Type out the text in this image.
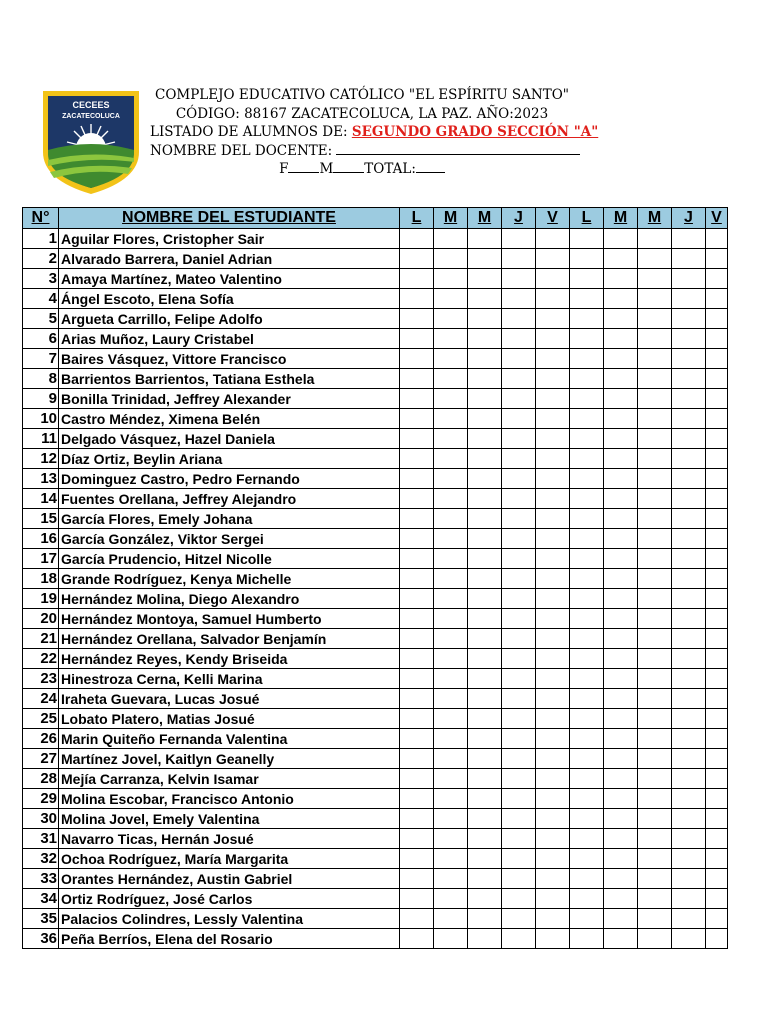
CECEES
ZACATECOLUCA
COMPLEJO EDUCATIVO CATÓLICO "EL ESPÍRITU SANTO"
CÓDIGO: 88167 ZACATECOLUCA, LA PAZ. AÑO:2023
LISTADO DE ALUMNOS DE: SEGUNDO GRADO SECCIÓN "A"
NOMBRE DEL DOCENTE:
F M TOTAL:
N°	NOMBRE DEL ESTUDIANTE	L	M	M	J	V	L	M	M	J	V
1	Aguilar Flores, Cristopher Sair										
2	Alvarado Barrera, Daniel Adrian										
3	Amaya Martínez, Mateo Valentino										
4	Ángel Escoto, Elena Sofía										
5	Argueta Carrillo, Felipe Adolfo										
6	Arias Muñoz, Laury Cristabel										
7	Baires Vásquez, Vittore Francisco										
8	Barrientos Barrientos, Tatiana Esthela										
9	Bonilla Trinidad, Jeffrey Alexander										
10	Castro Méndez, Ximena Belén										
11	Delgado Vásquez, Hazel Daniela										
12	Díaz Ortiz, Beylin Ariana										
13	Dominguez Castro, Pedro Fernando										
14	Fuentes Orellana, Jeffrey Alejandro										
15	García Flores, Emely Johana										
16	García González, Viktor Sergei										
17	García Prudencio, Hitzel Nicolle										
18	Grande Rodríguez, Kenya Michelle										
19	Hernández Molina, Diego Alexandro										
20	Hernández Montoya, Samuel Humberto										
21	Hernández Orellana, Salvador Benjamín										
22	Hernández Reyes, Kendy Briseida										
23	Hinestroza Cerna, Kelli Marina										
24	Iraheta Guevara, Lucas Josué										
25	Lobato Platero, Matias Josué										
26	Marin Quiteño Fernanda Valentina										
27	Martínez Jovel, Kaitlyn Geanelly										
28	Mejía Carranza, Kelvin Isamar										
29	Molina Escobar, Francisco Antonio										
30	Molina Jovel, Emely Valentina										
31	Navarro Ticas, Hernán Josué										
32	Ochoa Rodríguez, María Margarita										
33	Orantes Hernández, Austin Gabriel										
34	Ortiz Rodríguez, José Carlos										
35	Palacios Colindres, Lessly Valentina										
36	Peña Berríos, Elena del Rosario										
